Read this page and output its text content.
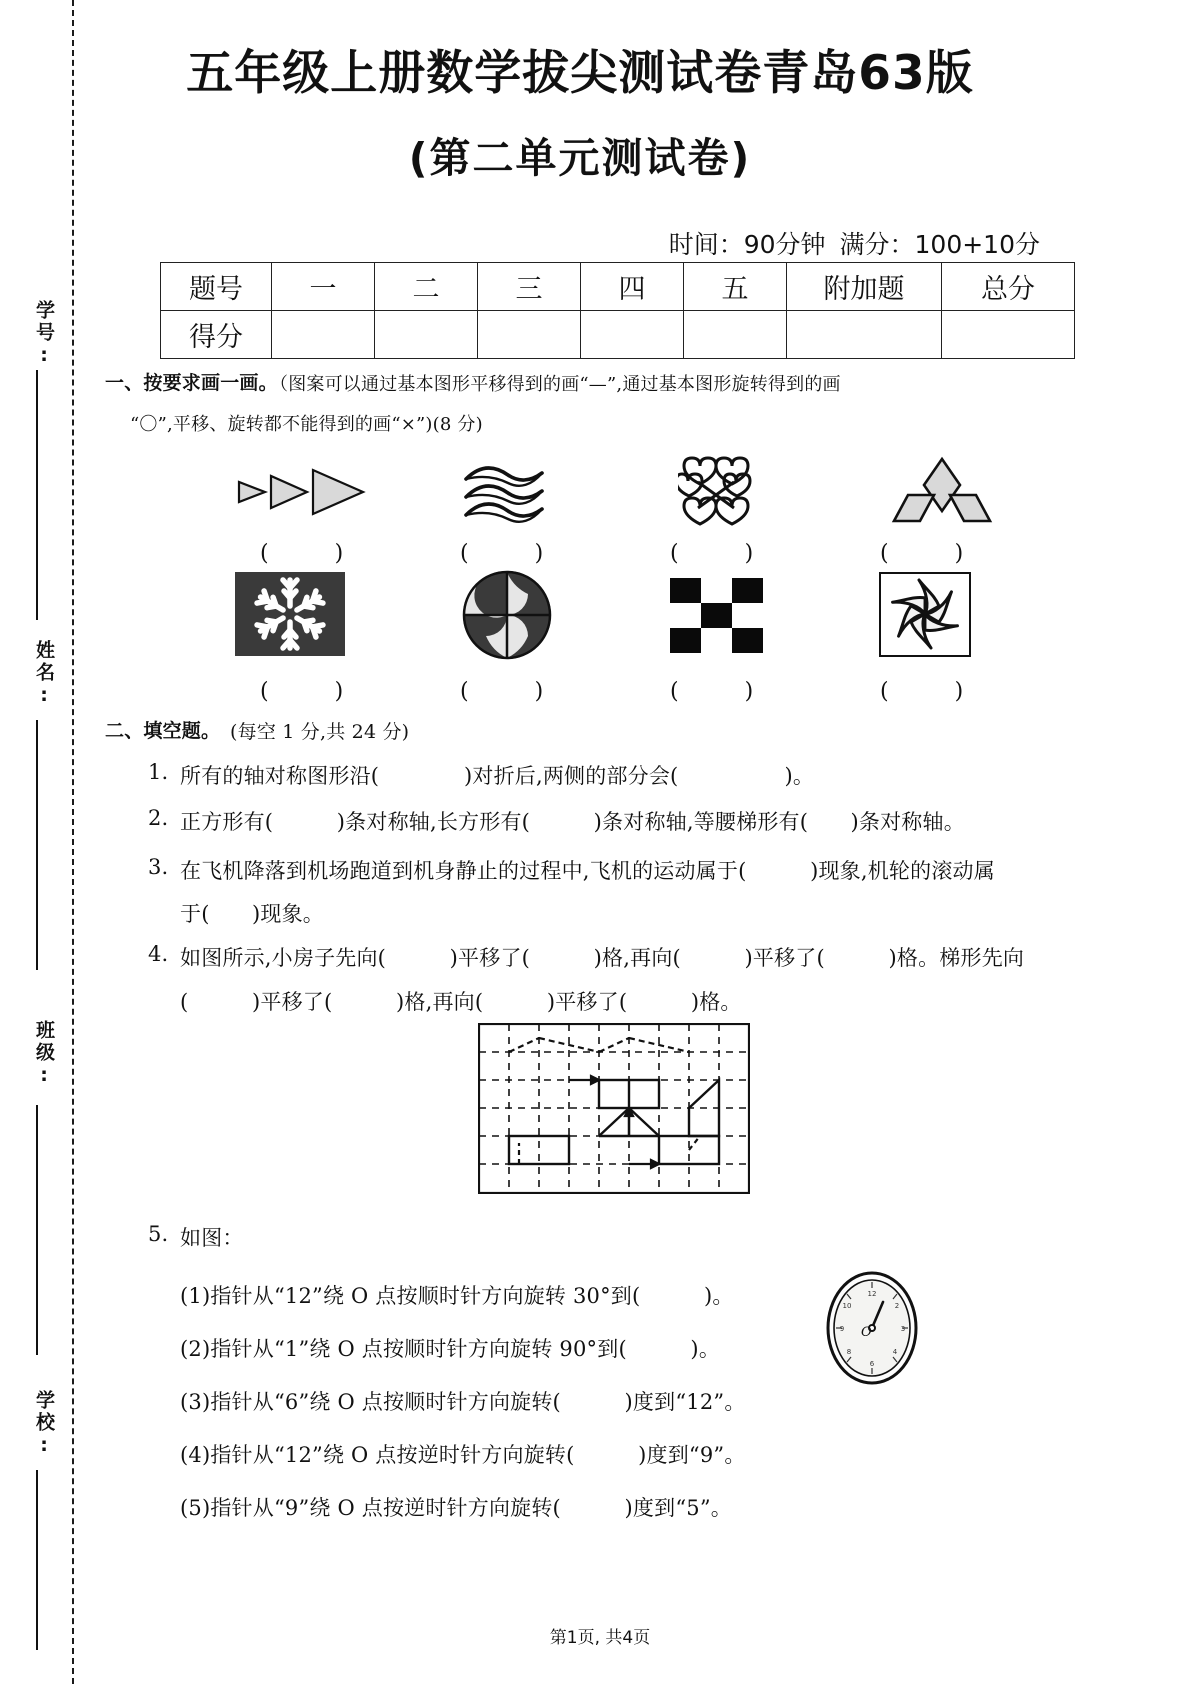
学号:
姓名:
班级:
学校:
五年级上册数学拔尖测试卷青岛63版
(第二单元测试卷)
时间：90分钟 满分：100+10分
题号	一	二	三	四	五	附加题	总分
得分							
一、按要求画一画。
（图案可以通过基本图形平移得到的画“—”,通过基本图形旋转得到的画
“〇”,平移、旋转都不能得到的画“×”)(8 分)
(　　　)	(　　　)	(　　　)	(　　　)
(　　　)	(　　　)	(　　　)	(　　　)
二、填空题。 (每空 1 分,共 24 分)
1. 所有的轴对称图形沿(　　　　)对折后,两侧的部分会(　　　　　)。
2. 正方形有(　　　)条对称轴,长方形有(　　　)条对称轴,等腰梯形有(　　)条对称轴。
3. 在飞机降落到机场跑道到机身静止的过程中,飞机的运动属于(　　　)现象,机轮的滚动属
于(　　)现象。
4. 如图所示,小房子先向(　　　)平移了(　　　)格,再向(　　　)平移了(　　　)格。梯形先向
(　　　)平移了(　　　)格,再向(　　　)平移了(　　　)格。
5. 如图：
(1)指针从“12”绕 O 点按顺时针方向旋转 30°到(　　　)。
(2)指针从“1”绕 O 点按顺时针方向旋转 90°到(　　　)。
(3)指针从“6”绕 O 点按顺时针方向旋转(　　　)度到“12”。
(4)指针从“12”绕 O 点按逆时针方向旋转(　　　)度到“9”。
(5)指针从“9”绕 O 点按逆时针方向旋转(　　　)度到“5”。
12
2
3
4
6
8
9
10
O
第1页, 共4页
